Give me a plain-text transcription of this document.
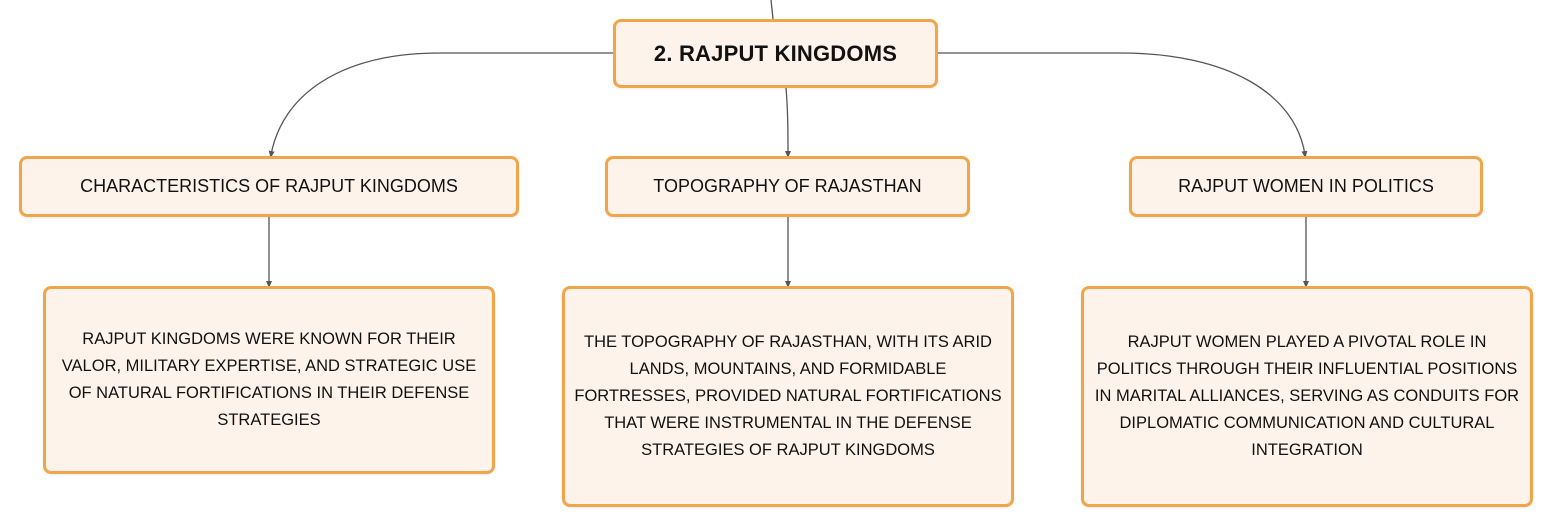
2. RAJPUT KINGDOMS
CHARACTERISTICS OF RAJPUT KINGDOMS	TOPOGRAPHY OF RAJASTHAN	RAJPUT WOMEN IN POLITICS
RAJPUT KINGDOMS WERE KNOWN FOR THEIR VALOR, MILITARY EXPERTISE, AND STRATEGIC USE OF NATURAL FORTIFICATIONS IN THEIR DEFENSE STRATEGIES
THE TOPOGRAPHY OF RAJASTHAN, WITH ITS ARID LANDS, MOUNTAINS, AND FORMIDABLE FORTRESSES, PROVIDED NATURAL FORTIFICATIONS THAT WERE INSTRUMENTAL IN THE DEFENSE STRATEGIES OF RAJPUT KINGDOMS
RAJPUT WOMEN PLAYED A PIVOTAL ROLE IN POLITICS THROUGH THEIR INFLUENTIAL POSITIONS IN MARITAL ALLIANCES, SERVING AS CONDUITS FOR DIPLOMATIC COMMUNICATION AND CULTURAL INTEGRATION
